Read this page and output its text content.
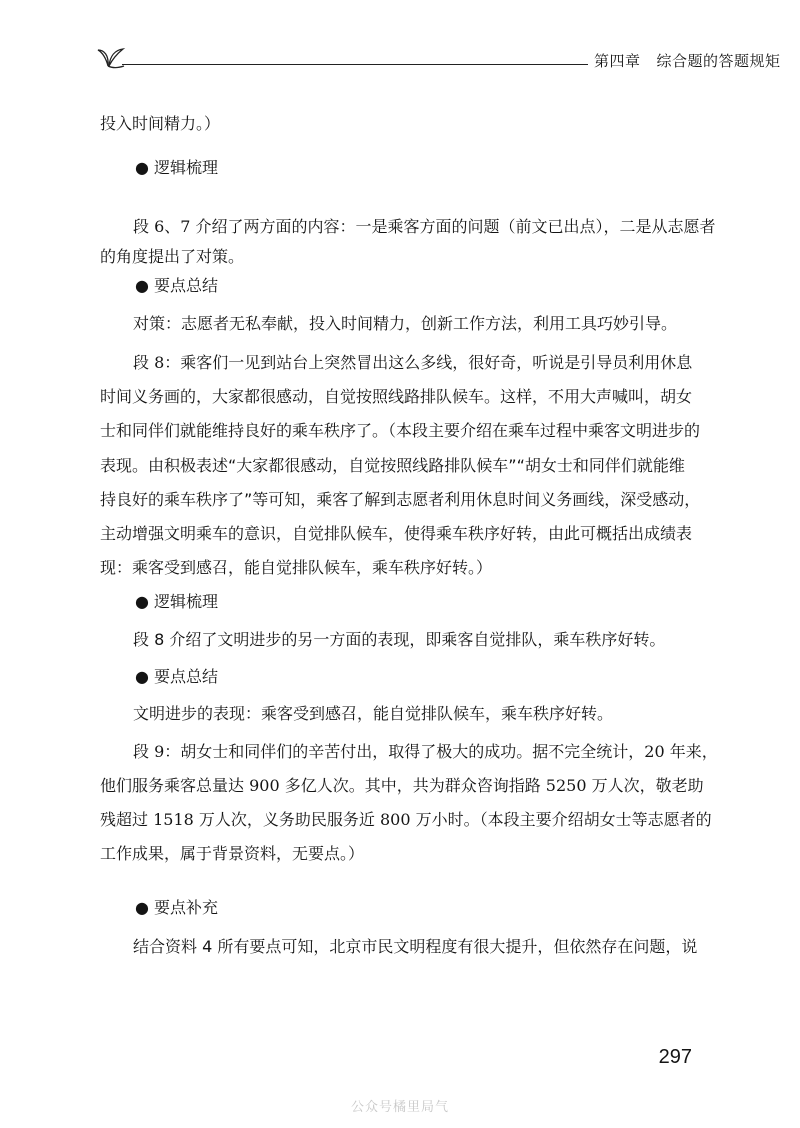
第四章 综合题的答题规矩
投入时间精力。）
● 逻辑梳理
段 6、7 介绍了两方面的内容：一是乘客方面的问题（前文已出点），二是从志愿者
的角度提出了对策。
● 要点总结
对策：志愿者无私奉献，投入时间精力，创新工作方法，利用工具巧妙引导。
段 8：乘客们一见到站台上突然冒出这么多线，很好奇，听说是引导员利用休息
时间义务画的，大家都很感动，自觉按照线路排队候车。这样，不用大声喊叫，胡女
士和同伴们就能维持良好的乘车秩序了。（本段主要介绍在乘车过程中乘客文明进步的
表现。由积极表述“大家都很感动，自觉按照线路排队候车”“胡女士和同伴们就能维
持良好的乘车秩序了”等可知，乘客了解到志愿者利用休息时间义务画线，深受感动，
主动增强文明乘车的意识，自觉排队候车，使得乘车秩序好转，由此可概括出成绩表
现：乘客受到感召，能自觉排队候车，乘车秩序好转。）
● 逻辑梳理
段 8 介绍了文明进步的另一方面的表现，即乘客自觉排队，乘车秩序好转。
● 要点总结
文明进步的表现：乘客受到感召，能自觉排队候车，乘车秩序好转。
段 9：胡女士和同伴们的辛苦付出，取得了极大的成功。据不完全统计，20 年来，
他们服务乘客总量达 900 多亿人次。其中，共为群众咨询指路 5250 万人次，敬老助
残超过 1518 万人次，义务助民服务近 800 万小时。（本段主要介绍胡女士等志愿者的
工作成果，属于背景资料，无要点。）
● 要点补充
结合资料 4 所有要点可知，北京市民文明程度有很大提升，但依然存在问题，说
297
公众号橘里局气
